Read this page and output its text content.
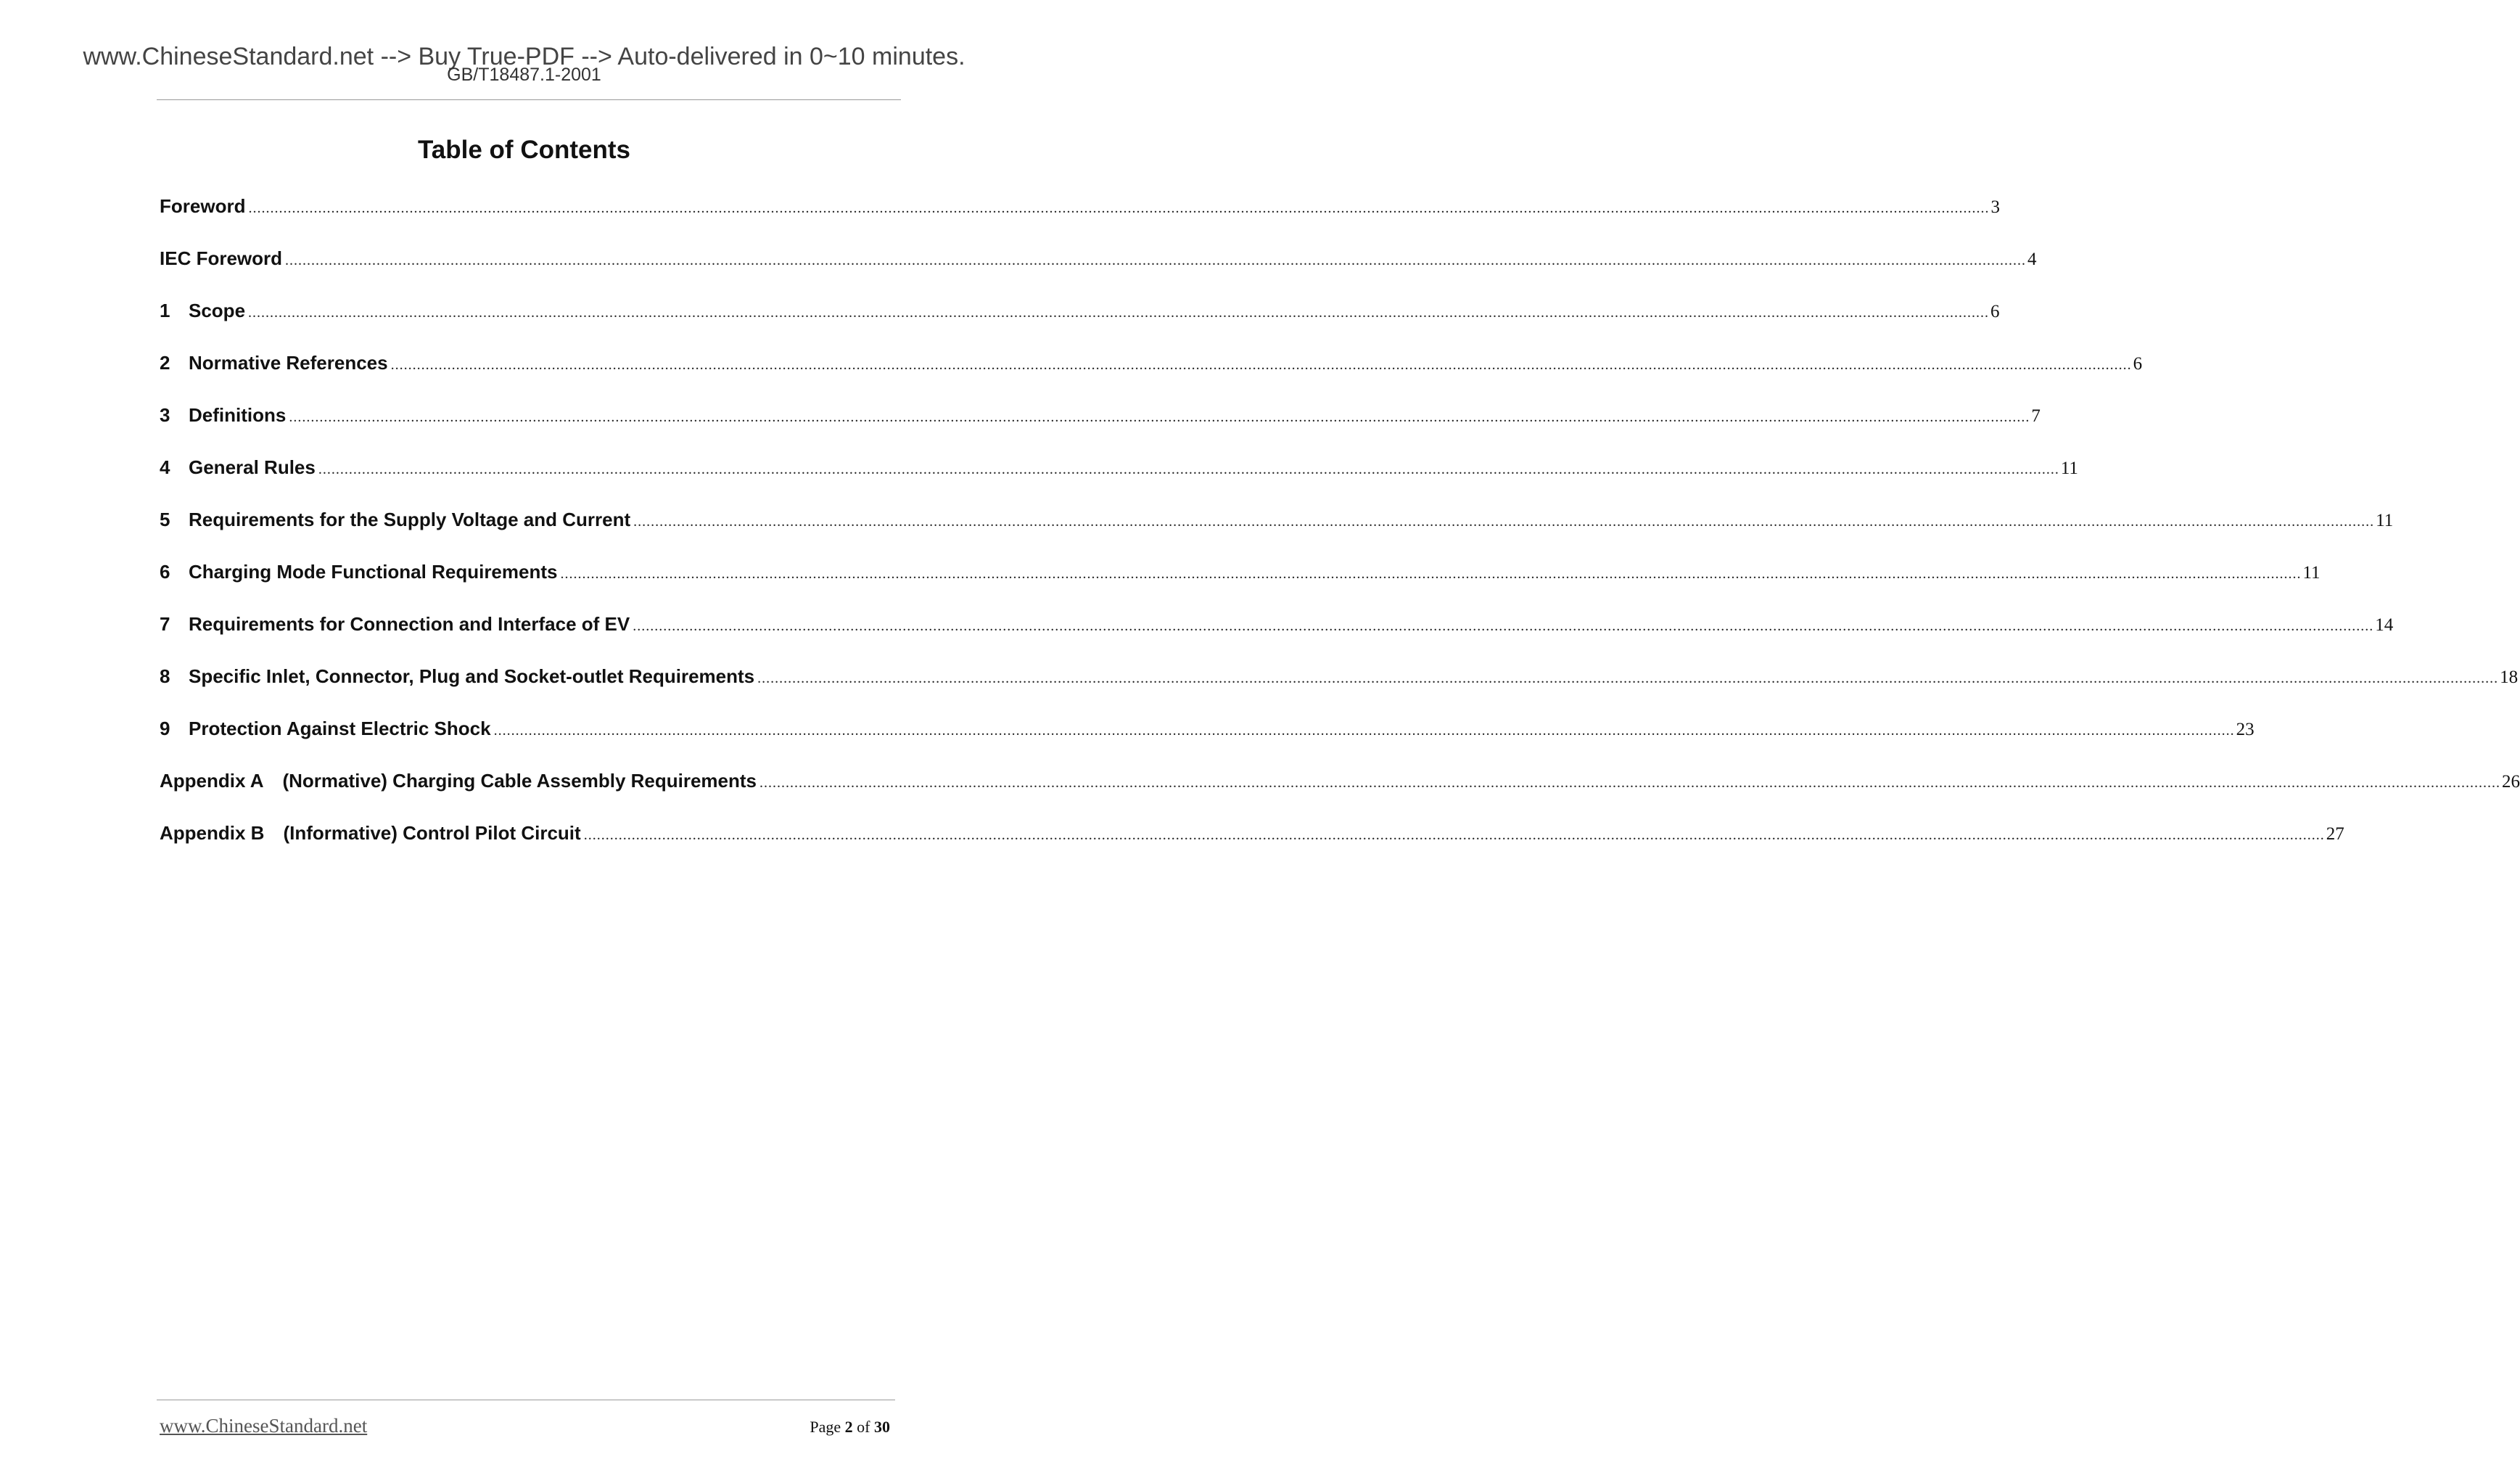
www.ChineseStandard.net --> Buy True-PDF --> Auto-delivered in 0~10 minutes.
GB/T18487.1-2001
Table of Contents
Foreword ................................................................................................................................................................................................................................................................................................................................................................................................................ 3
IEC Foreword ................................................................................................................................................................................................................................................................................................................................................................................................................ 4
1 Scope ................................................................................................................................................................................................................................................................................................................................................................................................................ 6
2 Normative References ................................................................................................................................................................................................................................................................................................................................................................................................................ 6
3 Definitions ................................................................................................................................................................................................................................................................................................................................................................................................................ 7
4 General Rules ................................................................................................................................................................................................................................................................................................................................................................................................................ 11
5 Requirements for the Supply Voltage and Current ................................................................................................................................................................................................................................................................................................................................................................................................................ 11
6 Charging Mode Functional Requirements ................................................................................................................................................................................................................................................................................................................................................................................................................ 11
7 Requirements for Connection and Interface of EV ................................................................................................................................................................................................................................................................................................................................................................................................................ 14
8 Specific Inlet, Connector, Plug and Socket-outlet Requirements ................................................................................................................................................................................................................................................................................................................................................................................................................ 18
9 Protection Against Electric Shock ................................................................................................................................................................................................................................................................................................................................................................................................................ 23
Appendix A (Normative) Charging Cable Assembly Requirements ................................................................................................................................................................................................................................................................................................................................................................................................................ 26
Appendix B (Informative) Control Pilot Circuit ................................................................................................................................................................................................................................................................................................................................................................................................................ 27
www.ChineseStandard.net	Page 2 of 30
